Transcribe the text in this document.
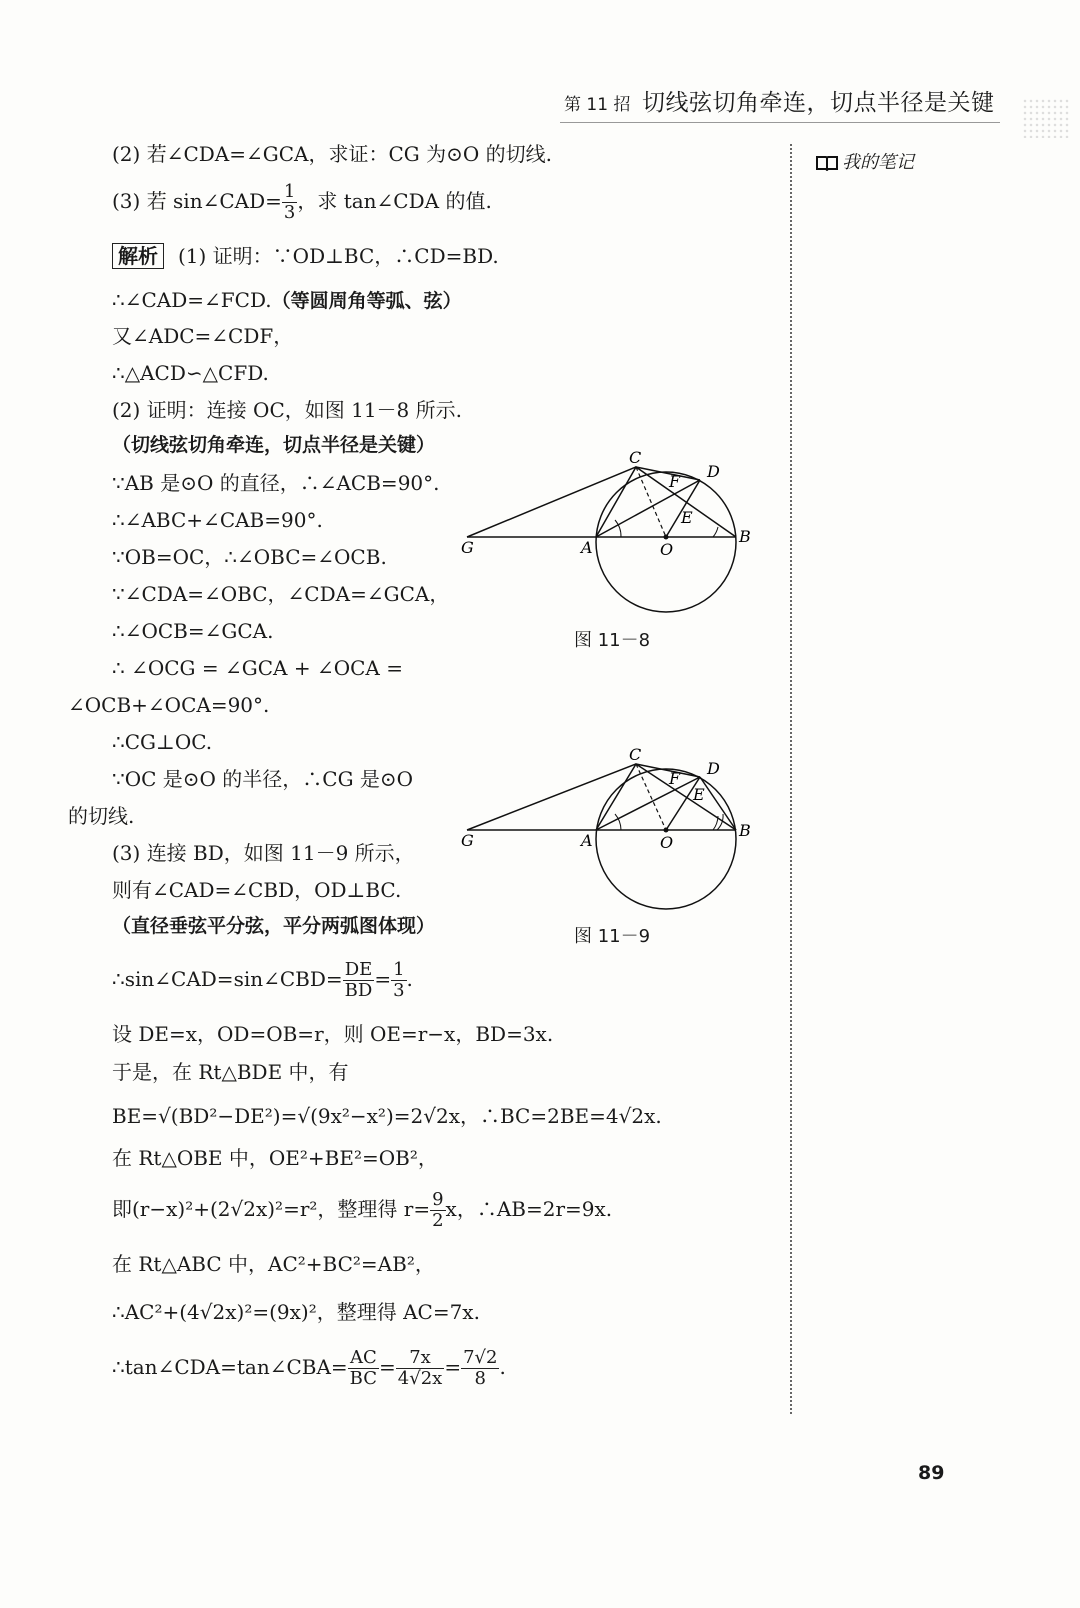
第 11 招 切线弦切角牵连，切点半径是关键
我的笔记
(2) 若∠CDA=∠GCA，求证：CG 为⊙O 的切线.
(3) 若 sin∠CAD= $\frac{1}{3}$ ，求 tan∠CDA 的值.
解析 (1) 证明：∵OD⊥BC，∴CD=BD.
∴∠CAD=∠FCD.（等圆周角等弧、弦）
又∠ADC=∠CDF，
∴△ACD∽△CFD.
(2) 证明：连接 OC，如图 11－8 所示.
（切线弦切角牵连，切点半径是关键）
∵AB 是⊙O 的直径，∴∠ACB=90°.
∴∠ABC+∠CAB=90°.
∵OB=OC，∴∠OBC=∠OCB.
∵∠CDA=∠OBC，∠CDA=∠GCA，
∴∠OCB=∠GCA.
∴ ∠OCG = ∠GCA + ∠OCA =
∠OCB+∠OCA=90°.
∴CG⊥OC.
∵OC 是⊙O 的半径，∴CG 是⊙O
的切线.
(3) 连接 BD，如图 11－9 所示，
则有∠CAD=∠CBD，OD⊥BC.
（直径垂弦平分弦，平分两弧图体现）
∴sin∠CAD=sin∠CBD= $\frac{DE}{BD} = \frac{1}{3}$ .
设 DE=x，OD=OB=r，则 OE=r−x，BD=3x.
于是，在 Rt△BDE 中，有
BE=√(BD²−DE²)=√(9x²−x²)=2√2x，∴BC=2BE=4√2x.
在 Rt△OBE 中，OE²+BE²=OB²，
即(r−x)²+(2√2x)²=r²，整理得 $r= \frac{9}{2}$ x，∴AB=2r=9x.
在 Rt△ABC 中，AC²+BC²=AB²，
∴AC²+(4√2x)²=(9x)²，整理得 AC=7x.
∴tan∠CDA=tan∠CBA= $\frac{AC}{BC} = \frac{7x}{4√2x} = \frac{7√2}{8}$ .
C
D
F
E
G	A	O
B
图 11－8
C
D
F
E
G	A	O
B
图 11－9
89
